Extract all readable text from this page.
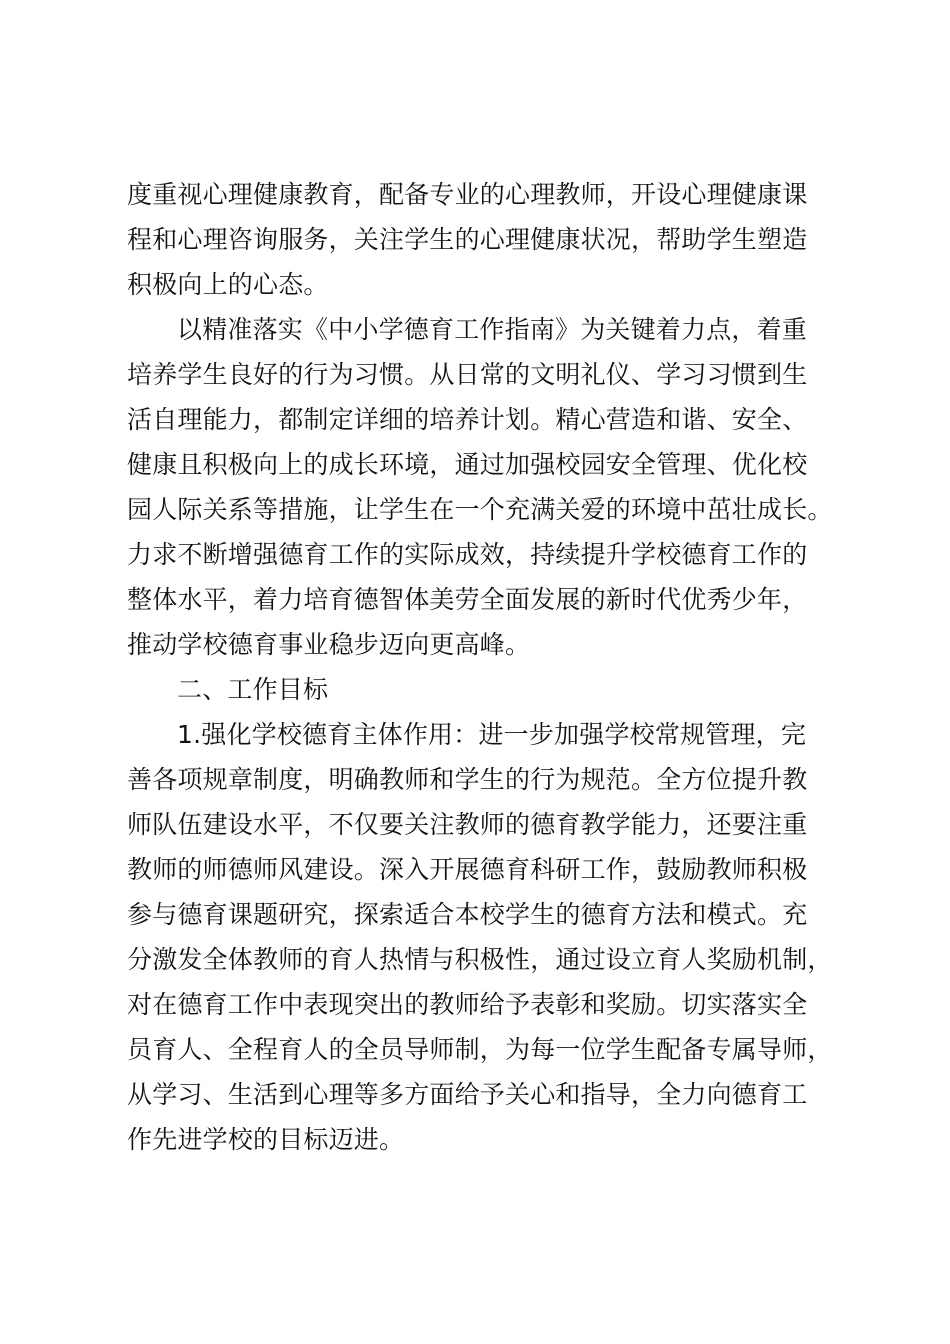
度重视心理健康教育，配备专业的心理教师，开设心理健康课

程和心理咨询服务，关注学生的心理健康状况，帮助学生塑造

积极向上的心态。

以精准落实《中小学德育工作指南》为关键着力点，着重

培养学生良好的行为习惯。从日常的文明礼仪、学习习惯到生

活自理能力，都制定详细的培养计划。精心营造和谐、安全、

健康且积极向上的成长环境，通过加强校园安全管理、优化校

园人际关系等措施，让学生在一个充满关爱的环境中茁壮成长。

力求不断增强德育工作的实际成效，持续提升学校德育工作的

整体水平，着力培育德智体美劳全面发展的新时代优秀少年，

推动学校德育事业稳步迈向更高峰。

二、工作目标

1.强化学校德育主体作用：进一步加强学校常规管理，完

善各项规章制度，明确教师和学生的行为规范。全方位提升教

师队伍建设水平，不仅要关注教师的德育教学能力，还要注重

教师的师德师风建设。深入开展德育科研工作，鼓励教师积极

参与德育课题研究，探索适合本校学生的德育方法和模式。充

分激发全体教师的育人热情与积极性，通过设立育人奖励机制，

对在德育工作中表现突出的教师给予表彰和奖励。切实落实全

员育人、全程育人的全员导师制，为每一位学生配备专属导师，

从学习、生活到心理等多方面给予关心和指导，全力向德育工

作先进学校的目标迈进。
